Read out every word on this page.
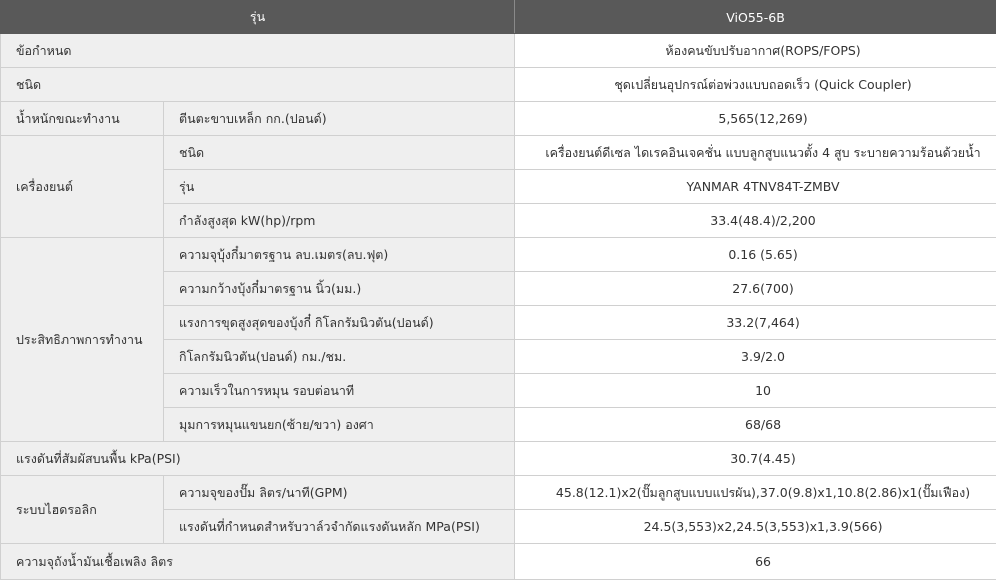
รุ่น		ViO55-6B
ข้อกำหนด		ห้องคนขับปรับอากาศ(ROPS/FOPS)
ชนิด		ชุดเปลี่ยนอุปกรณ์ต่อพ่วงแบบถอดเร็ว (Quick Coupler)
น้ำหนักขณะทำงาน	ตีนตะขาบเหล็ก กก.(ปอนด์)	5,565(12,269)
เครื่องยนต์	ชนิด	เครื่องยนต์ดีเซล ไดเรคอินเจคชั่น แบบลูกสูบแนวตั้ง 4 สูบ ระบายความร้อนด้วยน้ำ
	รุ่น	YANMAR 4TNV84T-ZMBV
	กำลังสูงสุด kW(hp)/rpm	33.4(48.4)/2,200
ประสิทธิภาพการทำงาน	ความจุบุ้งกี๋มาตรฐาน ลบ.เมตร(ลบ.ฟุต)	0.16 (5.65)
	ความกว้างบุ้งกี๋มาตรฐาน นิ้ว(มม.)	27.6(700)
	แรงการขุดสูงสุดของบุ้งกี๋ กิโลกรัมนิวตัน(ปอนด์)	33.2(7,464)
	กิโลกรัมนิวตัน(ปอนด์) กม./ชม.	3.9/2.0
	ความเร็วในการหมุน รอบต่อนาที	10
	มุมการหมุนแขนยก(ซ้าย/ขวา) องศา	68/68
แรงดันที่สัมผัสบนพื้น kPa(PSI)		30.7(4.45)
ระบบไฮดรอลิก	ความจุของปั๊ม ลิตร/นาที(GPM)	45.8(12.1)x2(ปั๊มลูกสูบแบบแปรผัน),37.0(9.8)x1,10.8(2.86)x1(ปั๊มเฟือง)
	แรงดันที่กำหนดสำหรับวาล์วจำกัดแรงดันหลัก MPa(PSI)	24.5(3,553)x2,24.5(3,553)x1,3.9(566)
ความจุถังน้ำมันเชื้อเพลิง ลิตร		66
